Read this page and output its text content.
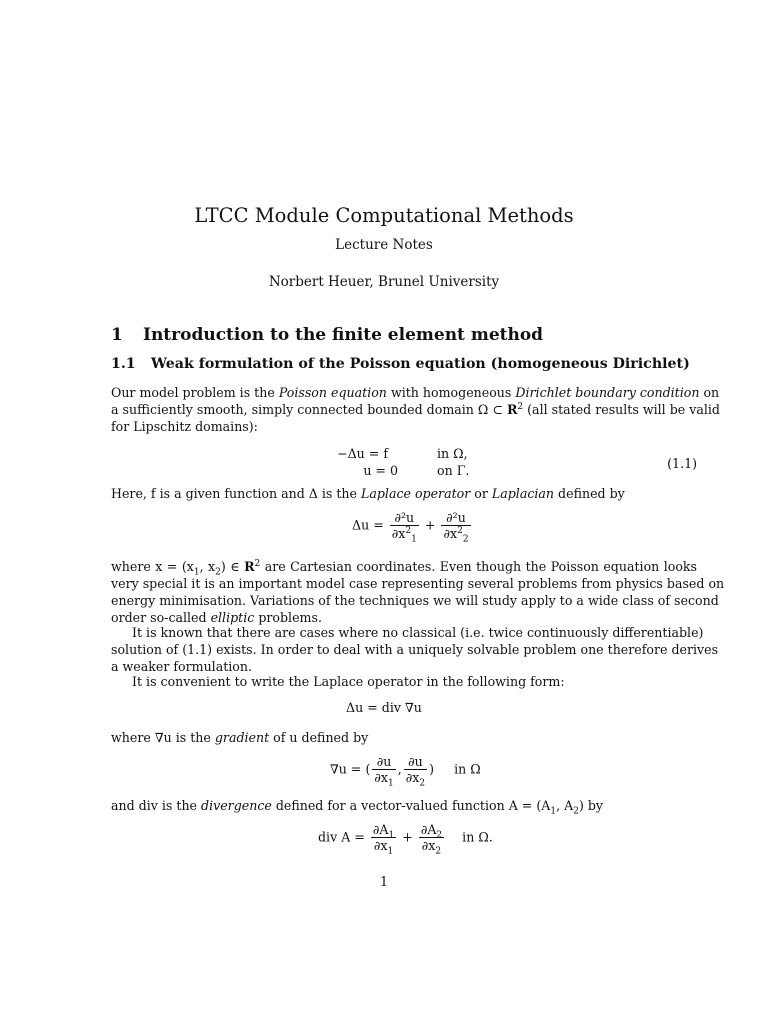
LTCC Module Computational Methods
Lecture Notes
Norbert Heuer, Brunel University
1 Introduction to the finite element method
1.1 Weak formulation of the Poisson equation (homogeneous Dirichlet)
Our model problem is the Poisson equation with homogeneous Dirichlet boundary condition on
a sufficiently smooth, simply connected bounded domain Ω ⊂ $R^2$ (all stated results will be valid
for Lipschitz domains):
−Δu = f	in Ω,
u = 0	on Γ.	(1.1)
Here, f is a given function and Δ is the Laplace operator or Laplacian defined by
$\Delta u = \frac{\text{∂²u}}{\partial x^2_1} + \frac{\text{∂²u}}{\partial x^2_2}$
where $x = (x_1$, $x_2$) ∈ $R^2$ are Cartesian coordinates. Even though the Poisson equation looks
very special it is an important model case representing several problems from physics based on
energy minimisation. Variations of the techniques we will study apply to a wide class of second
order so-called elliptic problems.
It is known that there are cases where no classical (i.e. twice continuously differentiable)
solution of (1.1) exists. In order to deal with a uniquely solvable problem one therefore derives
a weaker formulation.
It is convenient to write the Laplace operator in the following form:
Δu = div ∇u
where ∇u is the gradient of u defined by
∇u = ( $\frac{\partial u}{\partial x_1}$ , $\frac{\partial u}{\partial x_2}$ ) in Ω
and div is the divergence defined for a vector-valued function $A = (A_1$, $A_2$) by
div $A = \frac{\partial A_1}{\partial x_1} + \frac{\partial A_2}{\partial x_2}$ in Ω.
1
